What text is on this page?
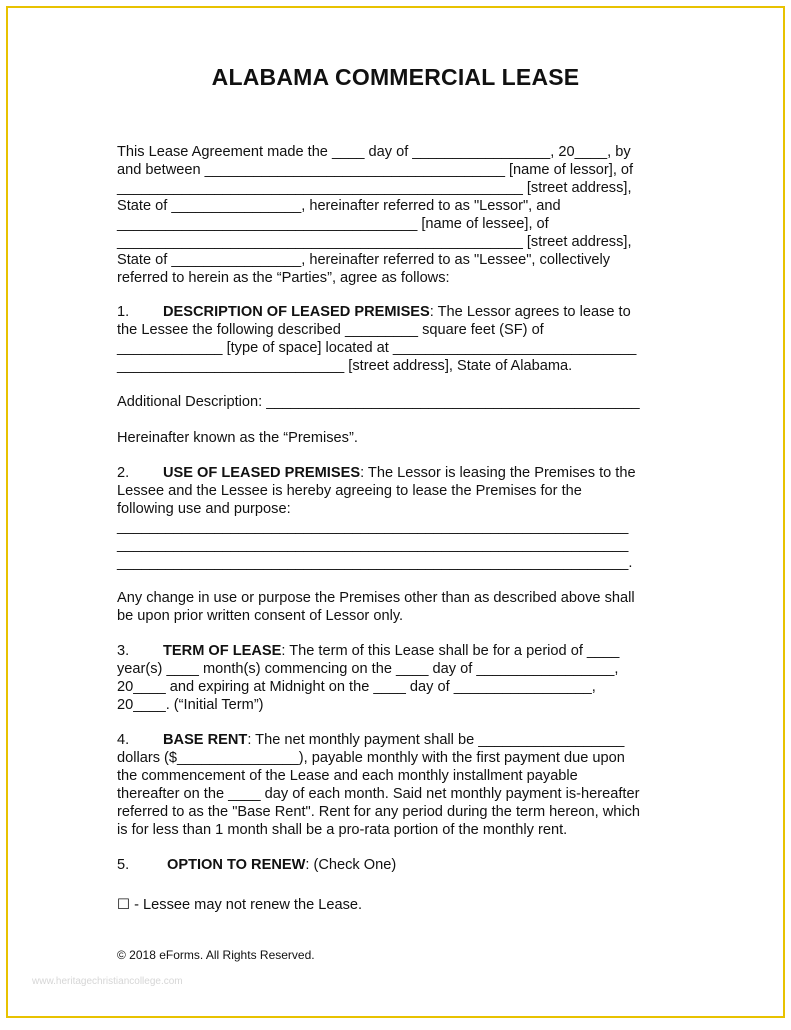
ALABAMA COMMERCIAL LEASE
This Lease Agreement made the ____ day of _________________, 20____, by
and between _____________________________________ [name of lessor], of
__________________________________________________ [street address],
State of ________________, hereinafter referred to as "Lessor", and
_____________________________________ [name of lessee], of
__________________________________________________ [street address],
State of ________________, hereinafter referred to as "Lessee", collectively
referred to herein as the “Parties”, agree as follows:
1. DESCRIPTION OF LEASED PREMISES: The Lessor agrees to lease to
the Lessee the following described _________ square feet (SF) of
_____________ [type of space] located at ______________________________
____________________________ [street address], State of Alabama.
Additional Description: ______________________________________________
Hereinafter known as the “Premises”.
2. USE OF LEASED PREMISES: The Lessor is leasing the Premises to the
Lessee and the Lessee is hereby agreeing to lease the Premises for the
following use and purpose:
_______________________________________________________________
_______________________________________________________________
_______________________________________________________________.
Any change in use or purpose the Premises other than as described above shall
be upon prior written consent of Lessor only.
3. TERM OF LEASE: The term of this Lease shall be for a period of ____
year(s) ____ month(s) commencing on the ____ day of _________________,
20____ and expiring at Midnight on the ____ day of _________________,
20____. (“Initial Term”)
4. BASE RENT: The net monthly payment shall be __________________
dollars ($_______________), payable monthly with the first payment due upon
the commencement of the Lease and each monthly installment payable
thereafter on the ____ day of each month. Said net monthly payment is-hereafter
referred to as the "Base Rent". Rent for any period during the term hereon, which
is for less than 1 month shall be a pro-rata portion of the monthly rent.
5.	OPTION TO RENEW: (Check One)
☐ - Lessee may not renew the Lease.
© 2018 eForms. All Rights Reserved.
www.heritagechristiancollege.com
